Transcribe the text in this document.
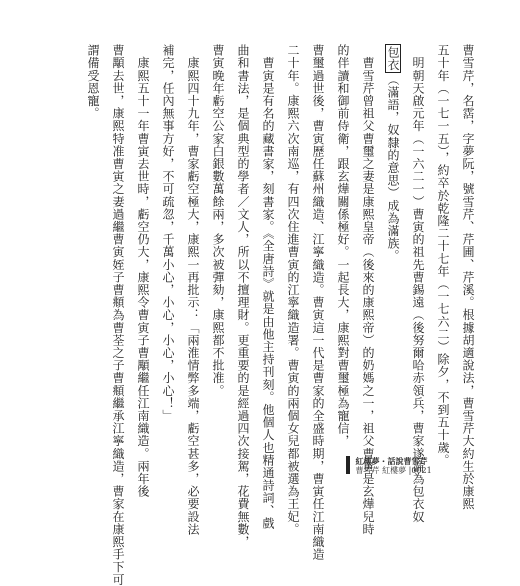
曹雪芹，名霑，字夢阮，號雪芹、芹圃、芹溪。根據胡適說法，曹雪芹大約生於康熙
五十年（一七一五），約卒於乾隆二十七年（一七六二）除夕，不到五十歲。
　明朝天啟元年（一六二一）曹寅的祖先曹錫遠（後努爾哈赤領兵，曹家遂淪為包衣奴
包衣（滿語，奴隸的意思）成為滿族。
　曹雪芹曾祖父曹璽之妻是康熙皇帝（後來的康熙帝）的奶媽之一，祖父曹寅是玄燁兒時
的伴讀和御前侍衛，跟玄燁關係極好。一起長大，康熙對曹璽極為寵信，
曹璽過世後，曹寅歷任蘇州織造、江寧織造。曹寅這一代是曹家的全盛時期，曹寅任江南織造
二十年。康熙六次南巡，有四次住進曹寅的江寧織造署。曹寅的兩個女兒都被選為王妃。
　曹寅是有名的藏書家，刻書家。《全唐詩》就是由他主持刊刻。他個人也精通詩詞、戲
曲和書法，是個典型的學者／文人，所以不擅理財。更重要的是經過四次接駕，花費無數，
曹寅晚年虧空公家白銀數萬餘兩，多次被彈劾，康熙都不批准。
　康熙四十九年，曹家虧空極大，康熙一再批示：「兩淮情弊多端，虧空甚多，必要設法
補完，任內無事方好，不可疏忽，千萬小心，小心，小心，小心！」
　康熙五十一年曹寅去世時，虧空仍大，康熙令曹寅子曹顒繼任江南織造。兩年後
曹顒去世，康熙特准曹寅之妻過繼曹寅姪子曹頫為曹荃之子曹頫繼承江寧織造，曹家在康熙手下可
謂備受恩寵。

紅樓夢・話說曹雪芹
曹雪芹 紅樓夢 |0021
